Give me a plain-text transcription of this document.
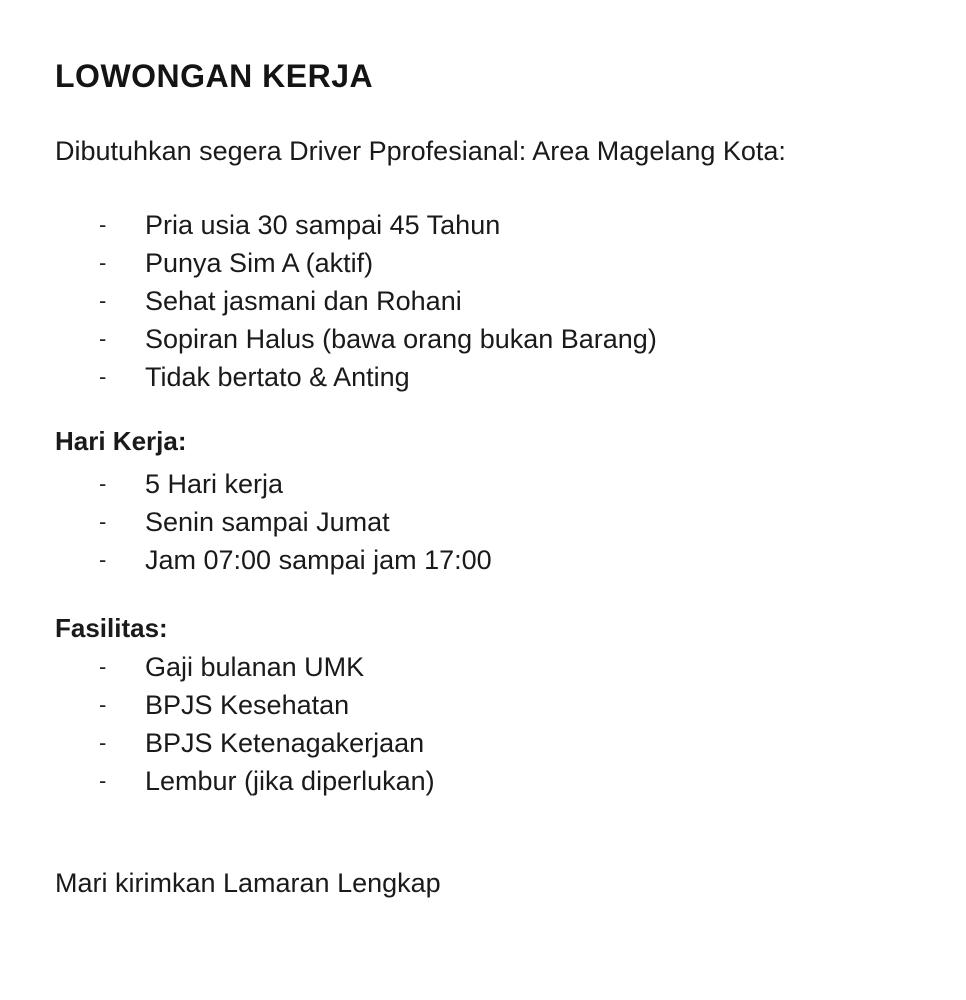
LOWONGAN KERJA
Dibutuhkan segera Driver Pprofesianal: Area Magelang Kota:
- Pria usia 30 sampai 45 Tahun
- Punya Sim A (aktif)
- Sehat jasmani dan Rohani
- Sopiran Halus (bawa orang bukan Barang)
- Tidak bertato & Anting
Hari Kerja:
- 5 Hari kerja
- Senin sampai Jumat
- Jam 07:00 sampai jam 17:00
Fasilitas:
- Gaji bulanan UMK
- BPJS Kesehatan
- BPJS Ketenagakerjaan
- Lembur (jika diperlukan)
Mari kirimkan Lamaran Lengkap
